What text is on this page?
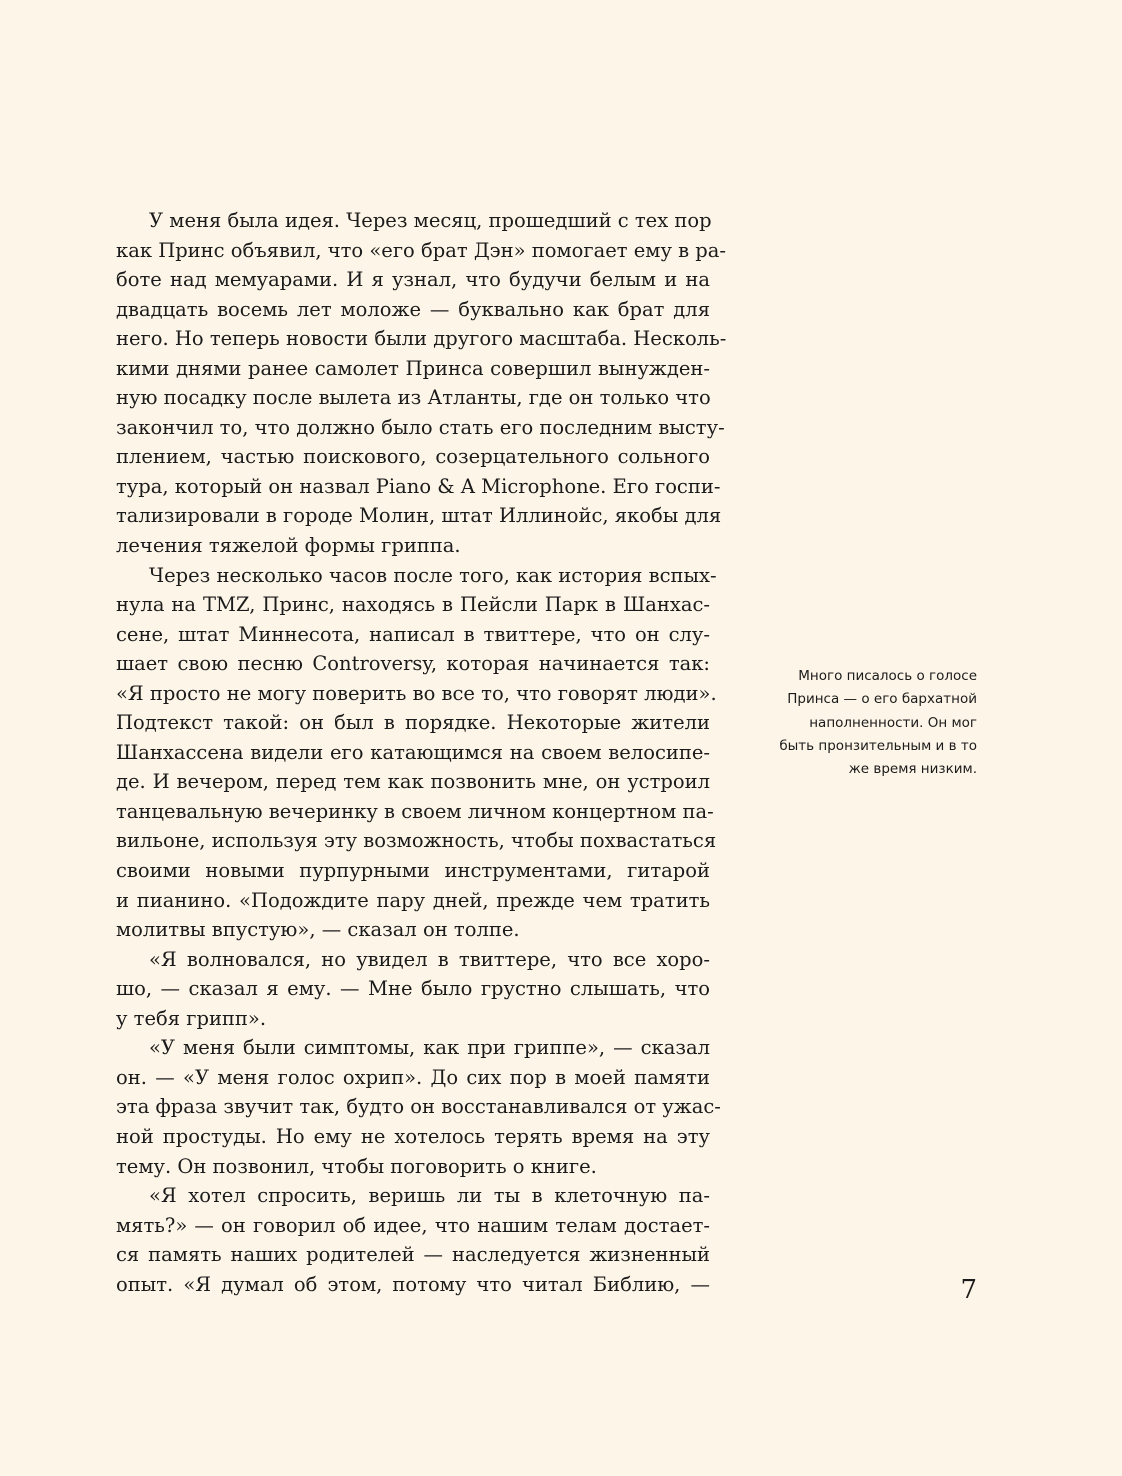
У меня была идея. Через месяц, прошедший с тех пор
как Принс объявил, что «его брат Дэн» помогает ему в ра-
боте над мемуарами. И я узнал, что будучи белым и на
двадцать восемь лет моложе — буквально как брат для
него. Но теперь новости были другого масштаба. Несколь-
кими днями ранее самолет Принса совершил вынужден-
ную посадку после вылета из Атланты, где он только что
закончил то, что должно было стать его последним высту-
плением, частью поискового, созерцательного сольного
тура, который он назвал Piano & A Microphone. Его госпи-
тализировали в городе Молин, штат Иллинойс, якобы для
лечения тяжелой формы гриппа.
Через несколько часов после того, как история вспых-
нула на TMZ, Принс, находясь в Пейсли Парк в Шанхас-
сене, штат Миннесота, написал в твиттере, что он слу-
шает свою песню Controversy, которая начинается так:
«Я просто не могу поверить во все то, что говорят люди».
Подтекст такой: он был в порядке. Некоторые жители
Шанхассена видели его катающимся на своем велосипе-
де. И вечером, перед тем как позвонить мне, он устроил
танцевальную вечеринку в своем личном концертном па-
вильоне, используя эту возможность, чтобы похвастаться
своими новыми пурпурными инструментами, гитарой
и пианино. «Подождите пару дней, прежде чем тратить
молитвы впустую», — сказал он толпе.
«Я волновался, но увидел в твиттере, что все хоро-
шо, — сказал я ему. — Мне было грустно слышать, что
у тебя грипп».
«У меня были симптомы, как при гриппе», — сказал
он. — «У меня голос охрип». До сих пор в моей памяти
эта фраза звучит так, будто он восстанавливался от ужас-
ной простуды. Но ему не хотелось терять время на эту
тему. Он позвонил, чтобы поговорить о книге.
«Я хотел спросить, веришь ли ты в клеточную па-
мять?» — он говорил об идее, что нашим телам достает-
ся память наших родителей — наследуется жизненный
опыт. «Я думал об этом, потому что читал Библию, —
Много писалось о голосе
Принса — о его бархатной
наполненности. Он мог
быть пронзительным и в то
же время низким.
7
